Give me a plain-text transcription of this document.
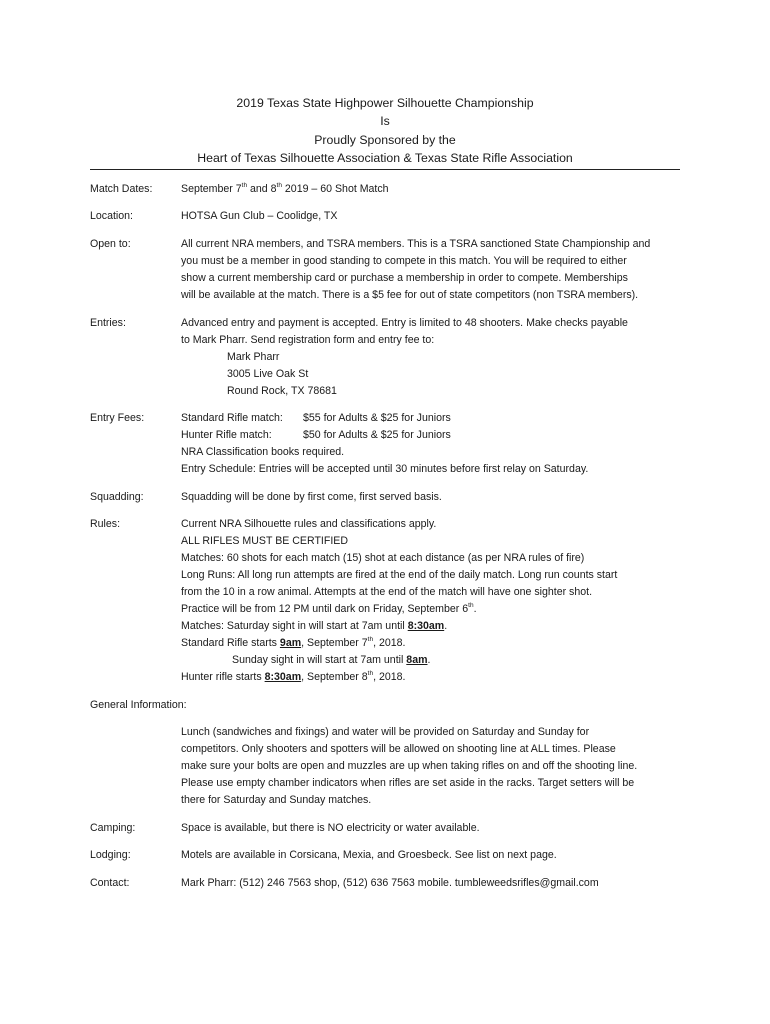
2019 Texas State Highpower Silhouette Championship
Is
Proudly Sponsored by the
Heart of Texas Silhouette Association & Texas State Rifle Association
Match Dates:	September 7th and 8th 2019 – 60 Shot Match
Location:	HOTSA Gun Club – Coolidge, TX
Open to:	All current NRA members, and TSRA members. This is a TSRA sanctioned State Championship and
you must be a member in good standing to compete in this match. You will be required to either
show a current membership card or purchase a membership in order to compete. Memberships
will be available at the match. There is a $5 fee for out of state competitors (non TSRA members).
Entries:	Advanced entry and payment is accepted. Entry is limited to 48 shooters. Make checks payable
to Mark Pharr. Send registration form and entry fee to:
Mark Pharr
3005 Live Oak St
Round Rock, TX 78681
Entry Fees:	Standard Rifle match: $55 for Adults & $25 for Juniors
Hunter Rifle match:	$50 for Adults & $25 for Juniors
NRA Classification books required.
Entry Schedule: Entries will be accepted until 30 minutes before first relay on Saturday.
Squadding:	Squadding will be done by first come, first served basis.
Rules:	Current NRA Silhouette rules and classifications apply.
ALL RIFLES MUST BE CERTIFIED
Matches: 60 shots for each match (15) shot at each distance (as per NRA rules of fire)
Long Runs: All long run attempts are fired at the end of the daily match. Long run counts start
from the 10 in a row animal. Attempts at the end of the match will have one sighter shot.
Practice will be from 12 PM until dark on Friday, September 6th.
Matches: Saturday sight in will start at 7am until 8:30am.
Standard Rifle starts 9am, September 7th, 2018.
Sunday sight in will start at 7am until 8am.
Hunter rifle starts 8:30am, September 8th, 2018.
General Information:
Lunch (sandwiches and fixings) and water will be provided on Saturday and Sunday for
competitors. Only shooters and spotters will be allowed on shooting line at ALL times. Please
make sure your bolts are open and muzzles are up when taking rifles on and off the shooting line.
Please use empty chamber indicators when rifles are set aside in the racks. Target setters will be
there for Saturday and Sunday matches.
Camping:	Space is available, but there is NO electricity or water available.
Lodging:	Motels are available in Corsicana, Mexia, and Groesbeck. See list on next page.
Contact:	Mark Pharr: (512) 246 7563 shop, (512) 636 7563 mobile. tumbleweedsrifles@gmail.com
